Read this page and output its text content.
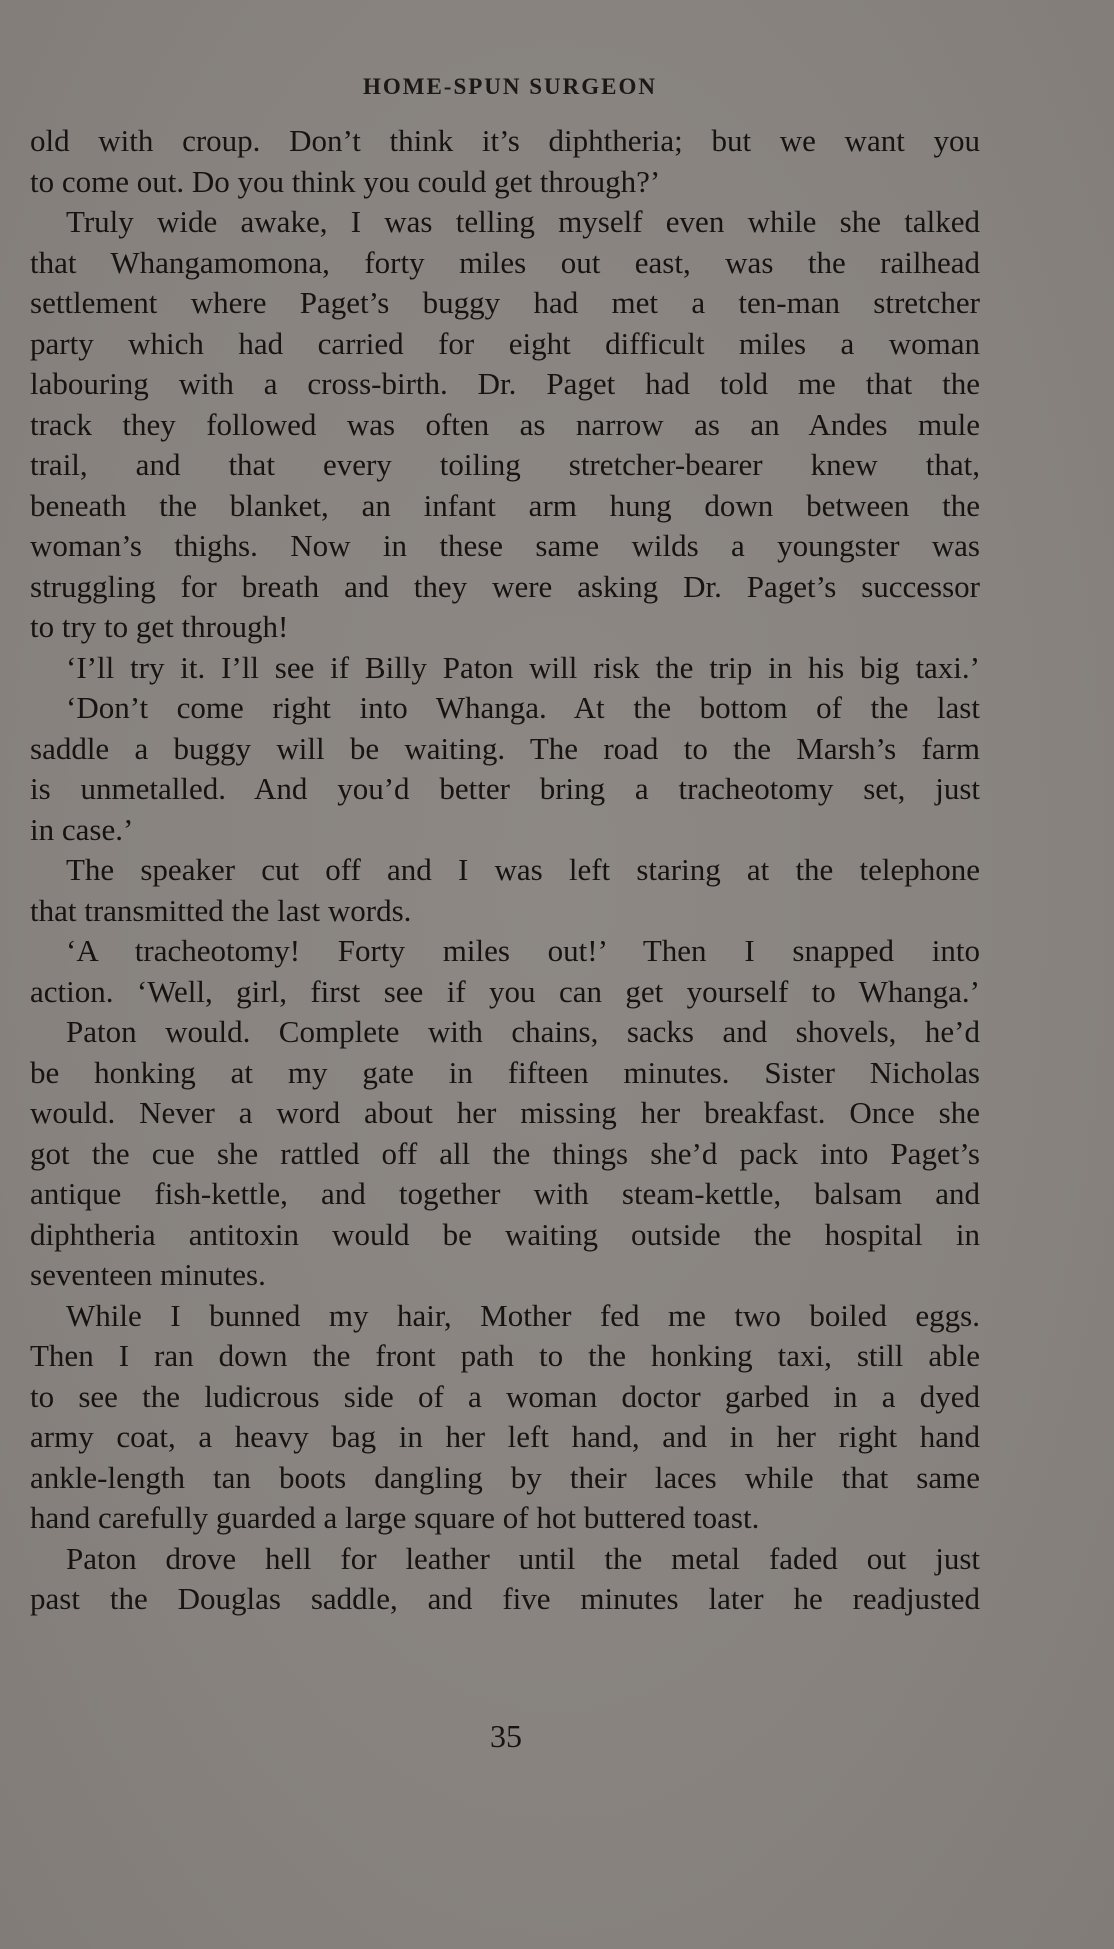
HOME-SPUN SURGEON
old with croup. Don’t think it’s diphtheria; but we want you
to come out. Do you think you could get through?’
Truly wide awake, I was telling myself even while she talked
that Whangamomona, forty miles out east, was the railhead
settlement where Paget’s buggy had met a ten-man stretcher
party which had carried for eight difficult miles a woman
labouring with a cross-birth. Dr. Paget had told me that the
track they followed was often as narrow as an Andes mule
trail, and that every toiling stretcher-bearer knew that,
beneath the blanket, an infant arm hung down between the
woman’s thighs. Now in these same wilds a youngster was
struggling for breath and they were asking Dr. Paget’s successor
to try to get through!
‘I’ll try it. I’ll see if Billy Paton will risk the trip in his big taxi.’
‘Don’t come right into Whanga. At the bottom of the last
saddle a buggy will be waiting. The road to the Marsh’s farm
is unmetalled. And you’d better bring a tracheotomy set, just
in case.’
The speaker cut off and I was left staring at the telephone
that transmitted the last words.
‘A tracheotomy! Forty miles out!’ Then I snapped into
action. ‘Well, girl, first see if you can get yourself to Whanga.’
Paton would. Complete with chains, sacks and shovels, he’d
be honking at my gate in fifteen minutes. Sister Nicholas
would. Never a word about her missing her breakfast. Once she
got the cue she rattled off all the things she’d pack into Paget’s
antique fish-kettle, and together with steam-kettle, balsam and
diphtheria antitoxin would be waiting outside the hospital in
seventeen minutes.
While I bunned my hair, Mother fed me two boiled eggs.
Then I ran down the front path to the honking taxi, still able
to see the ludicrous side of a woman doctor garbed in a dyed
army coat, a heavy bag in her left hand, and in her right hand
ankle-length tan boots dangling by their laces while that same
hand carefully guarded a large square of hot buttered toast.
Paton drove hell for leather until the metal faded out just
past the Douglas saddle, and five minutes later he readjusted
35
